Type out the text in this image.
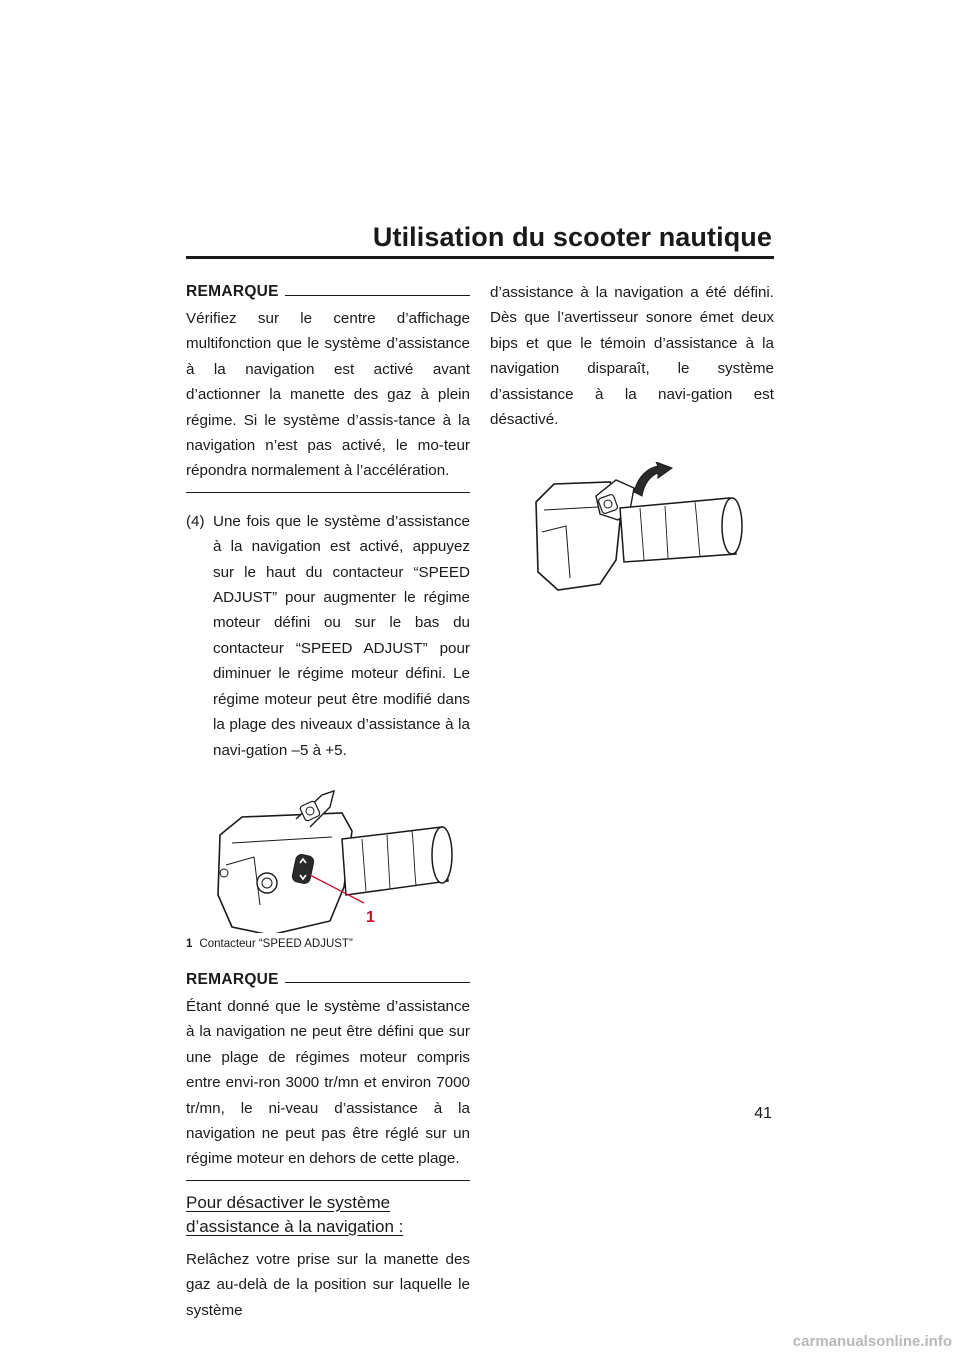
Utilisation du scooter nautique
REMARQUE
Vérifiez sur le centre d’affichage multifonction que le système d’assistance à la navigation est activé avant d’actionner la manette des gaz à plein régime. Si le système d’assis-tance à la navigation n’est pas activé, le mo-teur répondra normalement à l’accélération.
(4) Une fois que le système d’assistance à la navigation est activé, appuyez sur le haut du contacteur “SPEED ADJUST” pour augmenter le régime moteur défini ou sur le bas du contacteur “SPEED ADJUST” pour diminuer le régime moteur défini. Le régime moteur peut être modifié dans la plage des niveaux d’assistance à la navi-gation –5 à +5.
1
1 Contacteur “SPEED ADJUST”
REMARQUE
Étant donné que le système d’assistance à la navigation ne peut être défini que sur une plage de régimes moteur compris entre envi-ron 3000 tr/mn et environ 7000 tr/mn, le ni-veau d’assistance à la navigation ne peut pas être réglé sur un régime moteur en dehors de cette plage.
Pour désactiver le système d’assistance à la navigation :
Relâchez votre prise sur la manette des gaz au-delà de la position sur laquelle le système
d’assistance à la navigation a été défini. Dès que l’avertisseur sonore émet deux bips et que le témoin d’assistance à la navigation disparaît, le système d’assistance à la navi-gation est désactivé.
41
carmanualsonline.info
